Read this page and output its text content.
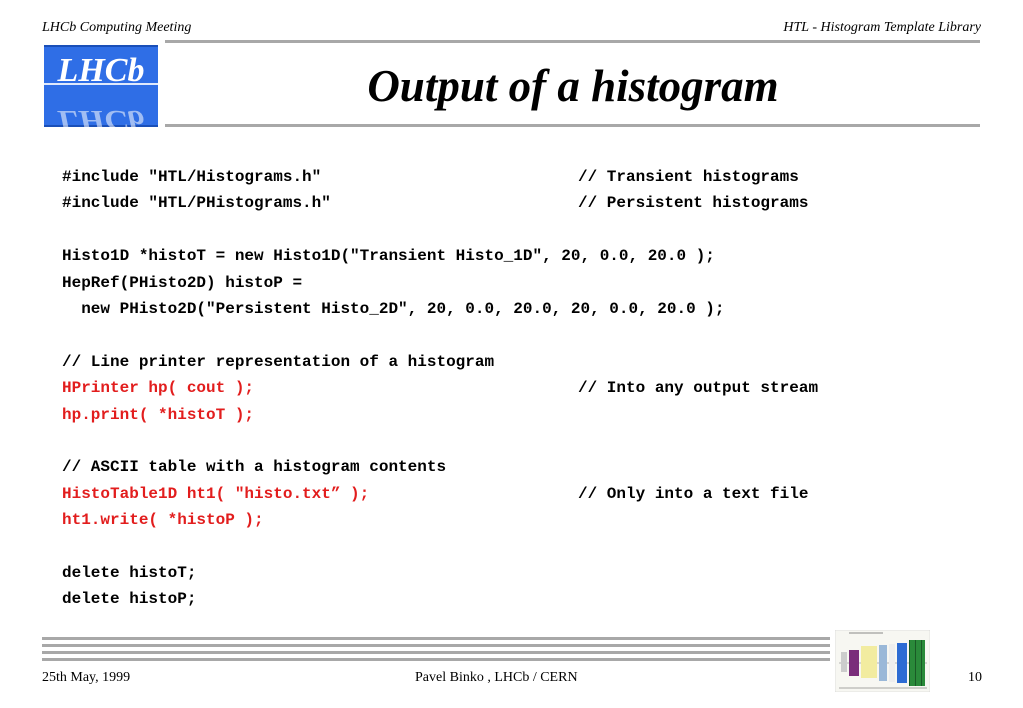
LHCb Computing Meeting	HTL - Histogram Template Library
LHCb
LHCb	Output of a histogram
#include "HTL/Histograms.h"	// Transient histograms
#include "HTL/PHistograms.h"	// Persistent histograms
Histo1D *histoT = new Histo1D("Transient Histo_1D", 20, 0.0, 20.0 );
HepRef(PHisto2D) histoP =
new PHisto2D("Persistent Histo_2D", 20, 0.0, 20.0, 20, 0.0, 20.0 );
// Line printer representation of a histogram
HPrinter hp( cout );	// Into any output stream
hp.print( *histoT );
// ASCII table with a histogram contents
HistoTable1D ht1( "histo.txt” );	// Only into a text file
ht1.write( *histoP );
delete histoT;
delete histoP;
25th May, 1999	Pavel Binko , LHCb / CERN	10
